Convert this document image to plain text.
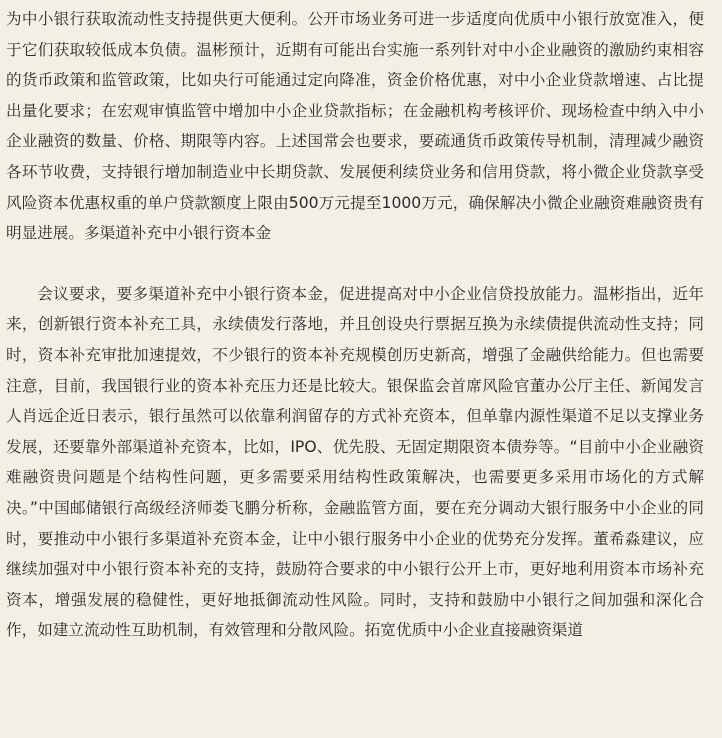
为中小银行获取流动性支持提供更大便利。公开市场业务可进一步适度向优质中小银行放宽准入，便于它们获取较低成本负债。温彬预计，近期有可能出台实施一系列针对中小企业融资的激励约束相容的货币政策和监管政策，比如央行可能通过定向降准，资金价格优惠，对中小企业贷款增速、占比提出量化要求；在宏观审慎监管中增加中小企业贷款指标；在金融机构考核评价、现场检查中纳入中小企业融资的数量、价格、期限等内容。上述国常会也要求，要疏通货币政策传导机制，清理减少融资各环节收费，支持银行增加制造业中长期贷款、发展便利续贷业务和信用贷款，将小微企业贷款享受风险资本优惠权重的单户贷款额度上限由500万元提至1000万元，确保解决小微企业融资难融资贵有明显进展。多渠道补充中小银行资本金

会议要求，要多渠道补充中小银行资本金，促进提高对中小企业信贷投放能力。温彬指出，近年来，创新银行资本补充工具，永续债发行落地，并且创设央行票据互换为永续债提供流动性支持；同时，资本补充审批加速提效，不少银行的资本补充规模创历史新高，增强了金融供给能力。但也需要注意，目前，我国银行业的资本补充压力还是比较大。银保监会首席风险官董办公厅主任、新闻发言人肖远企近日表示，银行虽然可以依靠利润留存的方式补充资本，但单靠内源性渠道不足以支撑业务发展，还要靠外部渠道补充资本，比如，IPO、优先股、无固定期限资本债券等。“目前中小企业融资难融资贵问题是个结构性问题，更多需要采用结构性政策解决，也需要更多采用市场化的方式解决。”中国邮储银行高级经济师娄飞鹏分析称，金融监管方面，要在充分调动大银行服务中小企业的同时，要推动中小银行多渠道补充资本金，让中小银行服务中小企业的优势充分发挥。董希淼建议，应继续加强对中小银行资本补充的支持，鼓励符合要求的中小银行公开上市，更好地利用资本市场补充资本，增强发展的稳健性，更好地抵御流动性风险。同时，支持和鼓励中小银行之间加强和深化合作，如建立流动性互助机制，有效管理和分散风险。拓宽优质中小企业直接融资渠道
